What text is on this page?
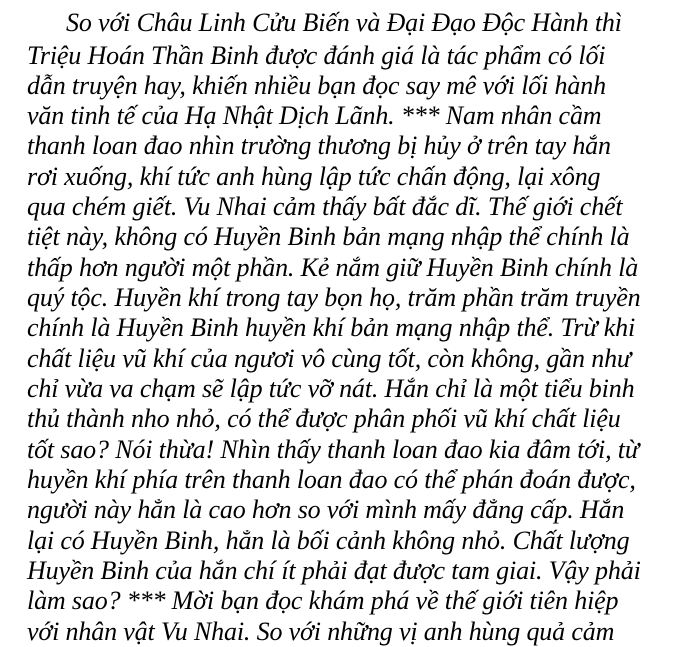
So với Châu Linh Cửu Biến và Đại Đạo Độc Hành thì
Triệu Hoán Thần Binh được đánh giá là tác phẩm có lối
dẫn truyện hay, khiến nhiều bạn đọc say mê với lối hành
văn tinh tế của Hạ Nhật Dịch Lãnh. *** Nam nhân cầm
thanh loan đao nhìn trường thương bị hủy ở trên tay hắn
rơi xuống, khí tức anh hùng lập tức chấn động, lại xông
qua chém giết. Vu Nhai cảm thấy bất đắc dĩ. Thế giới chết
tiệt này, không có Huyền Binh bản mạng nhập thể chính là
thấp hơn người một phần. Kẻ nắm giữ Huyền Binh chính là
quý tộc. Huyền khí trong tay bọn họ, trăm phần trăm truyền
chính là Huyền Binh huyền khí bản mạng nhập thể. Trừ khi
chất liệu vũ khí của ngươi vô cùng tốt, còn không, gần như
chỉ vừa va chạm sẽ lập tức vỡ nát. Hắn chỉ là một tiểu binh
thủ thành nho nhỏ, có thể được phân phối vũ khí chất liệu
tốt sao? Nói thừa! Nhìn thấy thanh loan đao kia đâm tới, từ
huyền khí phía trên thanh loan đao có thể phán đoán được,
người này hẳn là cao hơn so với mình mấy đẳng cấp. Hắn
lại có Huyền Binh, hẳn là bối cảnh không nhỏ. Chất lượng
Huyền Binh của hắn chí ít phải đạt được tam giai. Vậy phải
làm sao? *** Mời bạn đọc khám phá về thế giới tiên hiệp
với nhân vật Vu Nhai. So với những vị anh hùng quả cảm
